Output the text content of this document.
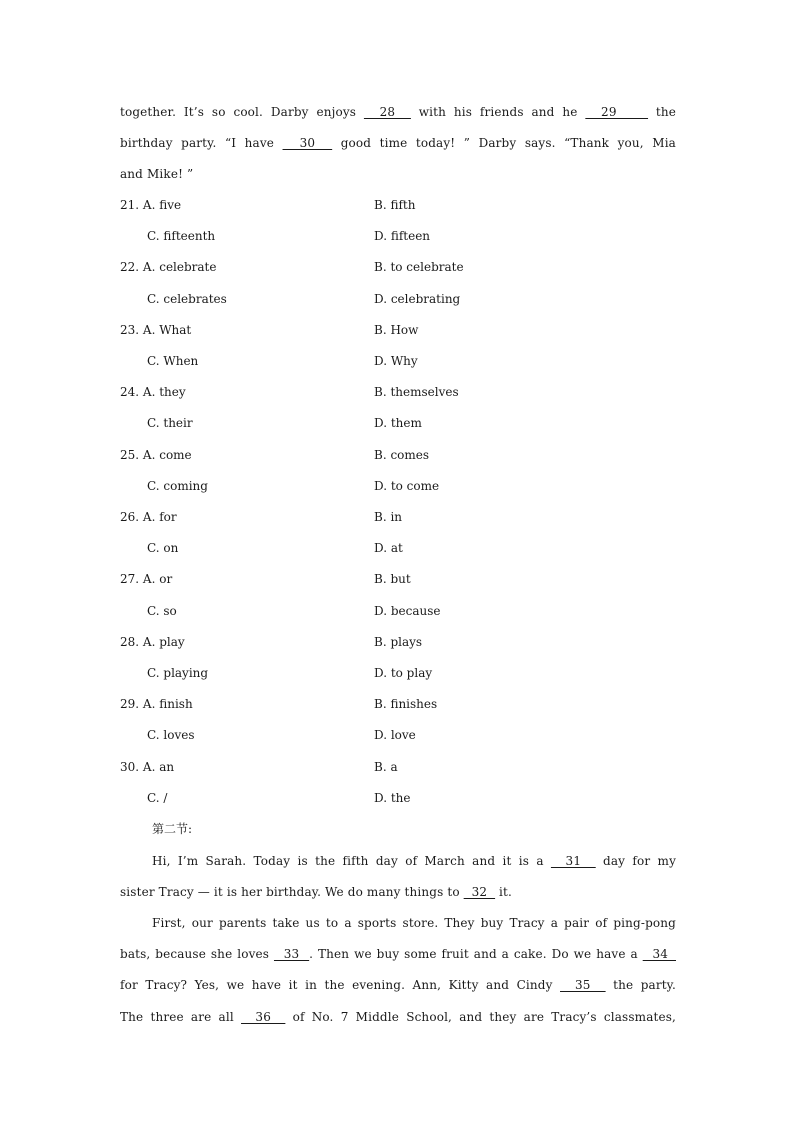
together. It’s so cool. Darby enjoys   28   with his friends and he   29     the
birthday party. “I have   30   good time today! ” Darby says. “Thank you, Mia
and Mike! ”
21. A. five	B. fifth
C. fifteenth	D. fifteen
22. A. celebrate	B. to celebrate
C. celebrates	D. celebrating
23. A. What	B. How
C. When	D. Why
24. A. they	B. themselves
C. their	D. them
25. A. come	B. comes
C. coming	D. to come
26. A. for	B. in
C. on	D. at
27. A. or	B. but
C. so	D. because
28. A. play	B. plays
C. playing	D. to play
29. A. finish	B. finishes
C. loves	D. love
30. A. an	B. a
C. /	D. the
第二节:
Hi, I’m Sarah. Today is the fifth day of March and it is a   31   day for my
sister Tracy — it is her birthday. We do many things to   32   it.
First, our parents take us to a sports store. They buy Tracy a pair of ping-pong
bats, because she loves   33  . Then we buy some fruit and a cake. Do we have a   34
for Tracy? Yes, we have it in the evening. Ann, Kitty and Cindy   35   the party.
The three are all   36   of No. 7 Middle School, and they are Tracy’s classmates,
